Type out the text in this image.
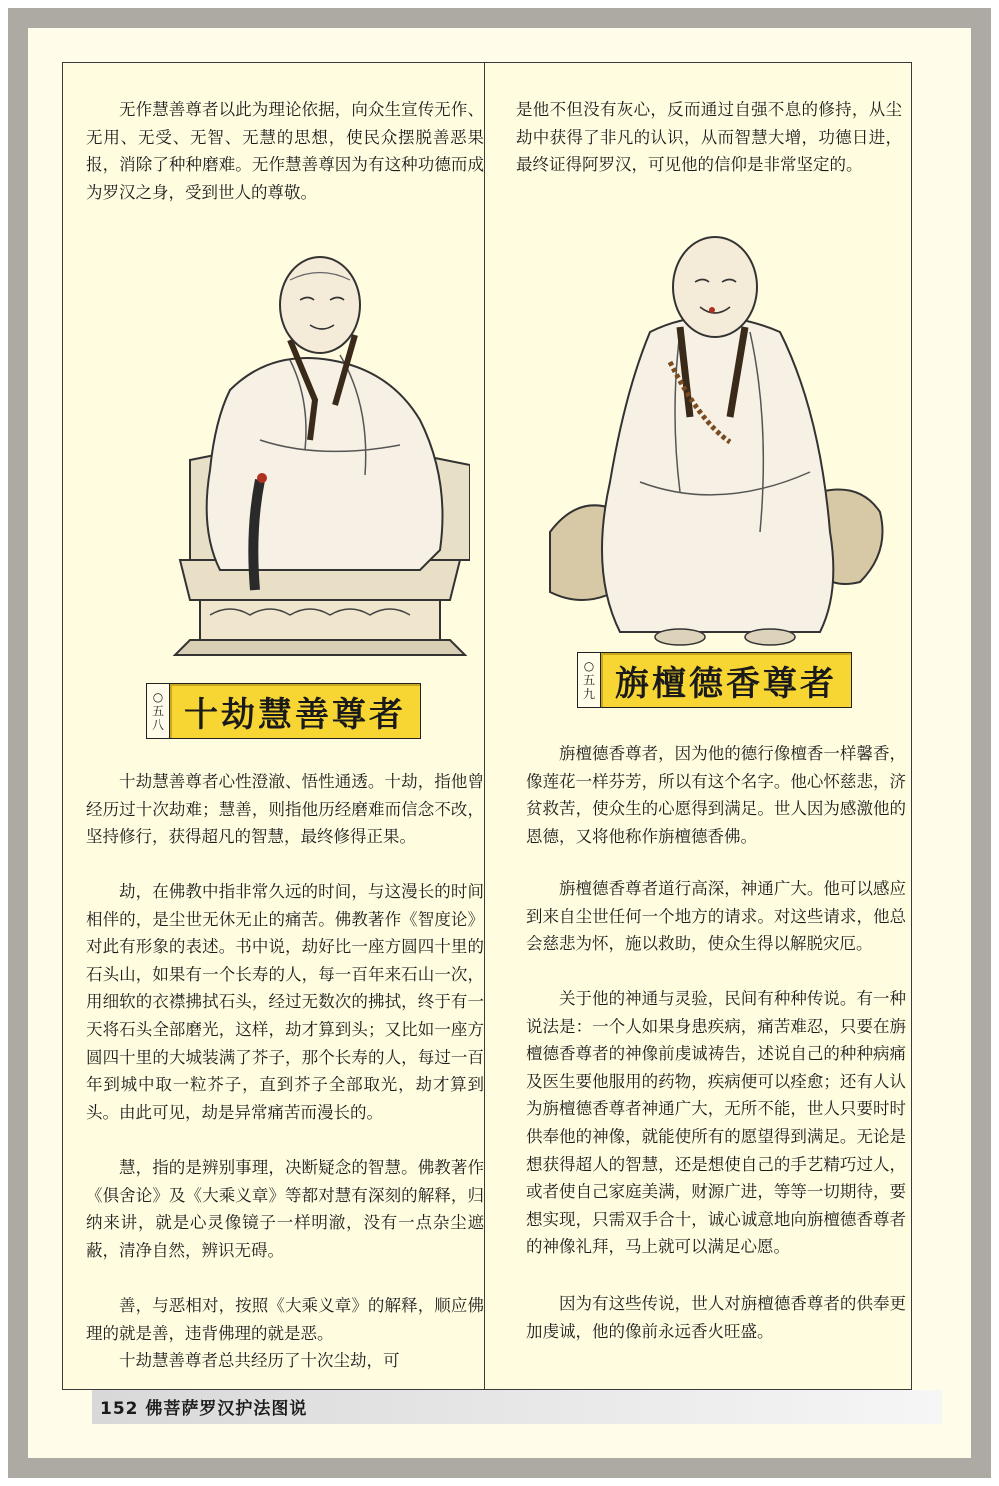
无作慧善尊者以此为理论依据，向众生宣传无作、无用、无受、无智、无慧的思想，使民众摆脱善恶果报，消除了种种磨难。无作慧善尊因为有这种功德而成为罗汉之身，受到世人的尊敬。

○
五
八 十劫慧善尊者

十劫慧善尊者心性澄澈、悟性通透。十劫，指他曾经历过十次劫难；慧善，则指他历经磨难而信念不改，坚持修行，获得超凡的智慧，最终修得正果。

劫，在佛教中指非常久远的时间，与这漫长的时间相伴的，是尘世无休无止的痛苦。佛教著作《智度论》对此有形象的表述。书中说，劫好比一座方圆四十里的石头山，如果有一个长寿的人，每一百年来石山一次，用细软的衣襟拂拭石头，经过无数次的拂拭，终于有一天将石头全部磨光，这样，劫才算到头；又比如一座方圆四十里的大城装满了芥子，那个长寿的人，每过一百年到城中取一粒芥子，直到芥子全部取光，劫才算到头。由此可见，劫是异常痛苦而漫长的。

慧，指的是辨别事理，决断疑念的智慧。佛教著作《俱舍论》及《大乘义章》等都对慧有深刻的解释，归纳来讲，就是心灵像镜子一样明澈，没有一点杂尘遮蔽，清净自然，辨识无碍。

善，与恶相对，按照《大乘义章》的解释，顺应佛理的就是善，违背佛理的就是恶。

十劫慧善尊者总共经历了十次尘劫，可

是他不但没有灰心，反而通过自强不息的修持，从尘劫中获得了非凡的认识，从而智慧大增，功德日进，最终证得阿罗汉，可见他的信仰是非常坚定的。

○
五
九 旃檀德香尊者

旃檀德香尊者，因为他的德行像檀香一样馨香，像莲花一样芬芳，所以有这个名字。他心怀慈悲，济贫救苦，使众生的心愿得到满足。世人因为感激他的恩德，又将他称作旃檀德香佛。

旃檀德香尊者道行高深，神通广大。他可以感应到来自尘世任何一个地方的请求。对这些请求，他总会慈悲为怀，施以救助，使众生得以解脱灾厄。

关于他的神通与灵验，民间有种种传说。有一种说法是：一个人如果身患疾病，痛苦难忍，只要在旃檀德香尊者的神像前虔诚祷告，述说自己的种种病痛及医生要他服用的药物，疾病便可以痊愈；还有人认为旃檀德香尊者神通广大，无所不能，世人只要时时供奉他的神像，就能使所有的愿望得到满足。无论是想获得超人的智慧，还是想使自己的手艺精巧过人，或者使自己家庭美满，财源广进，等等一切期待，要想实现，只需双手合十，诚心诚意地向旃檀德香尊者的神像礼拜，马上就可以满足心愿。

因为有这些传说，世人对旃檀德香尊者的供奉更加虔诚，他的像前永远香火旺盛。

152 佛菩萨罗汉护法图说
